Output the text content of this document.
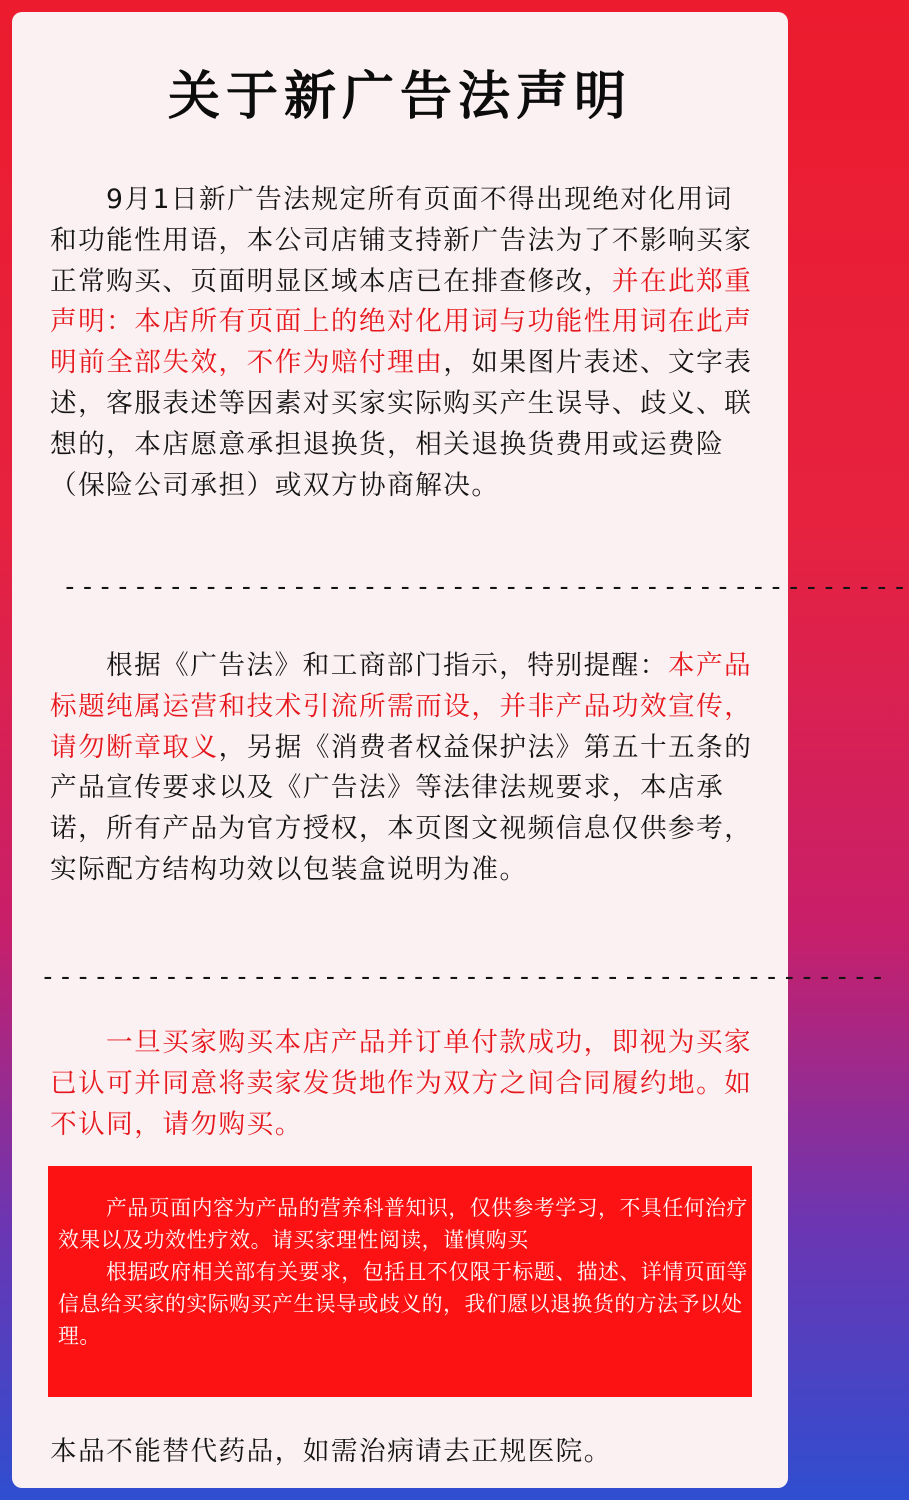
关于新广告法声明

9月1日新广告法规定所有页面不得出现绝对化用词和功能性用语，本公司店铺支持新广告法为了不影响买家正常购买、页面明显区域本店已在排查修改，并在此郑重声明：本店所有页面上的绝对化用词与功能性用词在此声明前全部失效，不作为赔付理由，如果图片表述、文字表述，客服表述等因素对买家实际购买产生误导、歧义、联想的，本店愿意承担退换货，相关退换货费用或运费险（保险公司承担）或双方协商解决。

------------------------------------------------

根据《广告法》和工商部门指示，特别提醒：本产品标题纯属运营和技术引流所需而设，并非产品功效宣传，请勿断章取义，另据《消费者权益保护法》第五十五条的产品宣传要求以及《广告法》等法律法规要求，本店承诺，所有产品为官方授权，本页图文视频信息仅供参考，实际配方结构功效以包装盒说明为准。

------------------------------------------------

一旦买家购买本店产品并订单付款成功，即视为买家已认可并同意将卖家发货地作为双方之间合同履约地。如不认同，请勿购买。

产品页面内容为产品的营养科普知识，仅供参考学习，不具任何治疗效果以及功效性疗效。请买家理性阅读，谨慎购买
根据政府相关部有关要求，包括且不仅限于标题、描述、详情页面等信息给买家的实际购买产生误导或歧义的，我们愿以退换货的方法予以处理。
本品不能替代药品，如需治病请去正规医院。
